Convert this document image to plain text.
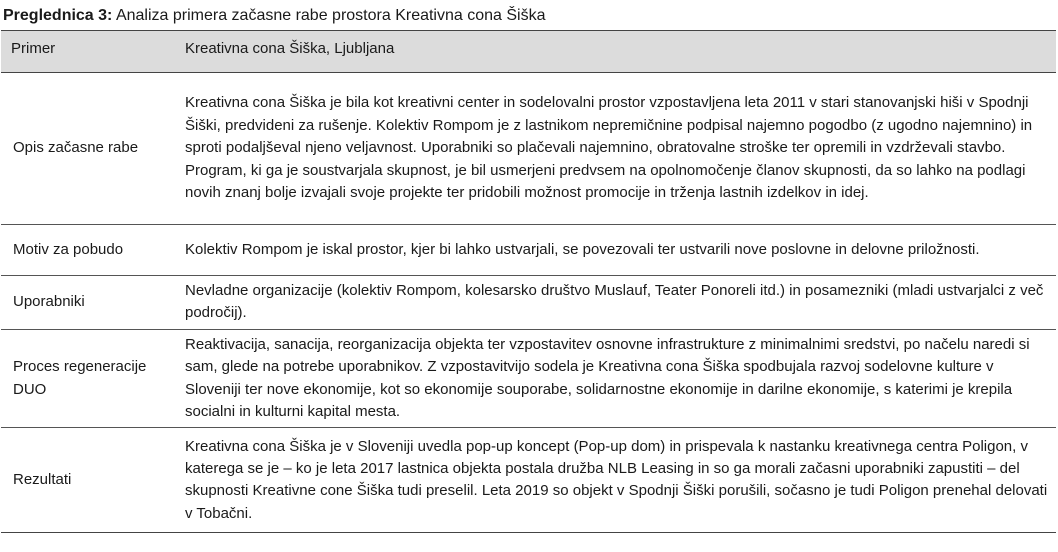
Preglednica 3: Analiza primera začasne rabe prostora Kreativna cona Šiška
Primer	Kreativna cona Šiška, Ljubljana

Opis začasne rabe	Kreativna cona Šiška je bila kot kreativni center in sodelovalni prostor vzpostavljena leta 2011 v stari stanovanjski hiši v Spodnji Šiški, predvideni za rušenje. Kolektiv Rompom je z lastnikom nepremičnine podpisal najemno pogodbo (z ugodno najemnino) in sproti podaljševal njeno veljavnost. Uporabniki so plačevali najemnino, obratovalne stroške ter opremili in vzdrževali stavbo. Program, ki ga je soustvarjala skupnost, je bil usmerjeni predvsem na opolnomočenje članov skupnosti, da so lahko na podlagi novih znanj bolje izvajali svoje projekte ter pridobili možnost promocije in trženja lastnih izdelkov in idej.
Motiv za pobudo	Kolektiv Rompom je iskal prostor, kjer bi lahko ustvarjali, se povezovali ter ustvarili nove poslovne in delovne priložnosti.
Uporabniki	Nevladne organizacije (kolektiv Rompom, kolesarsko društvo Muslauf, Teater Ponoreli itd.) in posamezniki (mladi ustvarjalci z več področij).
Proces regeneracije DUO	Reaktivacija, sanacija, reorganizacija objekta ter vzpostavitev osnovne infrastrukture z minimalnimi sredstvi, po načelu naredi si sam, glede na potrebe uporabnikov. Z vzpostavitvijo sodela je Kreativna cona Šiška spodbujala razvoj sodelovne kulture v Sloveniji ter nove ekonomije, kot so ekonomije souporabe, solidarnostne ekonomije in darilne ekonomije, s katerimi je krepila socialni in kulturni kapital mesta.
Rezultati	Kreativna cona Šiška je v Sloveniji uvedla pop-up koncept (Pop-up dom) in prispevala k nastanku kreativnega centra Poligon, v katerega se je – ko je leta 2017 lastnica objekta postala družba NLB Leasing in so ga morali začasni uporabniki zapustiti – del skupnosti Kreativne cone Šiška tudi preselil. Leta 2019 so objekt v Spodnji Šiški porušili, sočasno je tudi Poligon prenehal delovati v Tobačni.
